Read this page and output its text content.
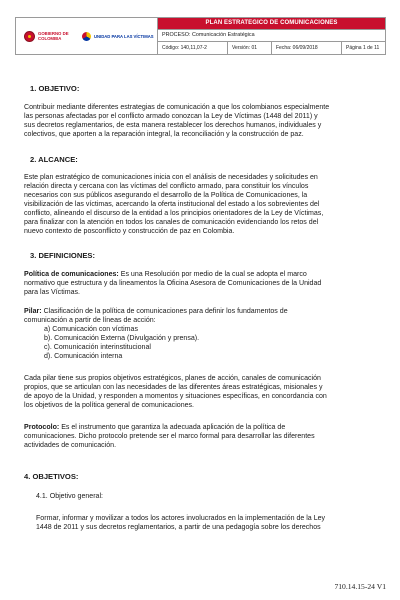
GOBIERNO DE COLOMBIA	UNIDAD PARA LAS VÍCTIMAS
PLAN ESTRATEGICO DE COMUNICACIONES
PROCESO: Comunicación Estratégica
Código: 140,11,07-2	Versión: 01	Fecha: 06/09/2018	Página 1 de 11
1. OBJETIVO:
Contribuir mediante diferentes estrategias de comunicación a que los colombianos especialmente
las personas afectadas por el conflicto armado conozcan la Ley de Víctimas (1448 del 2011) y
sus decretos reglamentarios, de esta manera restablecer los derechos humanos, individuales y
colectivos, que aporten a la reparación integral, la reconciliación y la construcción de paz.
2. ALCANCE:
Este plan estratégico de comunicaciones inicia con el análisis de necesidades y solicitudes en
relación directa y cercana con las víctimas del conflicto armado, para constituir los vínculos
necesarios con sus públicos asegurando el desarrollo de la Política de Comunicaciones, la
visibilización de las víctimas, acercando la oferta institucional del estado a los sobrevientes del
conflicto, alineando el discurso de la entidad a los principios orientadores de la Ley de Víctimas,
para finalizar con la atención en todos los canales de comunicación evidenciando los retos del
nuevo contexto de posconflicto y construcción de paz en Colombia.
3. DEFINICIONES:
Política de comunicaciones: Es una Resolución por medio de la cual se adopta el marco
normativo que estructura y da lineamentos la Oficina Asesora de Comunicaciones de la Unidad
para las Víctimas.
Pilar: Clasificación de la política de comunicaciones para definir los fundamentos de
comunicación a partir de líneas de acción:
a) Comunicación con víctimas
b). Comunicación Externa (Divulgación y prensa).
c). Comunicación interinstitucional
d). Comunicación interna
Cada pilar tiene sus propios objetivos estratégicos, planes de acción, canales de comunicación
propios, que se articulan con las necesidades de las diferentes áreas estratégicas, misionales y
de apoyo de la Unidad, y responden a momentos y situaciones específicas, en concordancia con
los objetivos de la política general de comunicaciones.
Protocolo: Es el instrumento que garantiza la adecuada aplicación de la política de
comunicaciones. Dicho protocolo pretende ser el marco formal para desarrollar las diferentes
actividades de comunicación.
4. OBJETIVOS:
4.1. Objetivo general:
Formar, informar y movilizar a todos los actores involucrados en la implementación de la Ley
1448 de 2011 y sus decretos reglamentarios, a partir de una pedagogía sobre los derechos
710.14.15-24 V1
